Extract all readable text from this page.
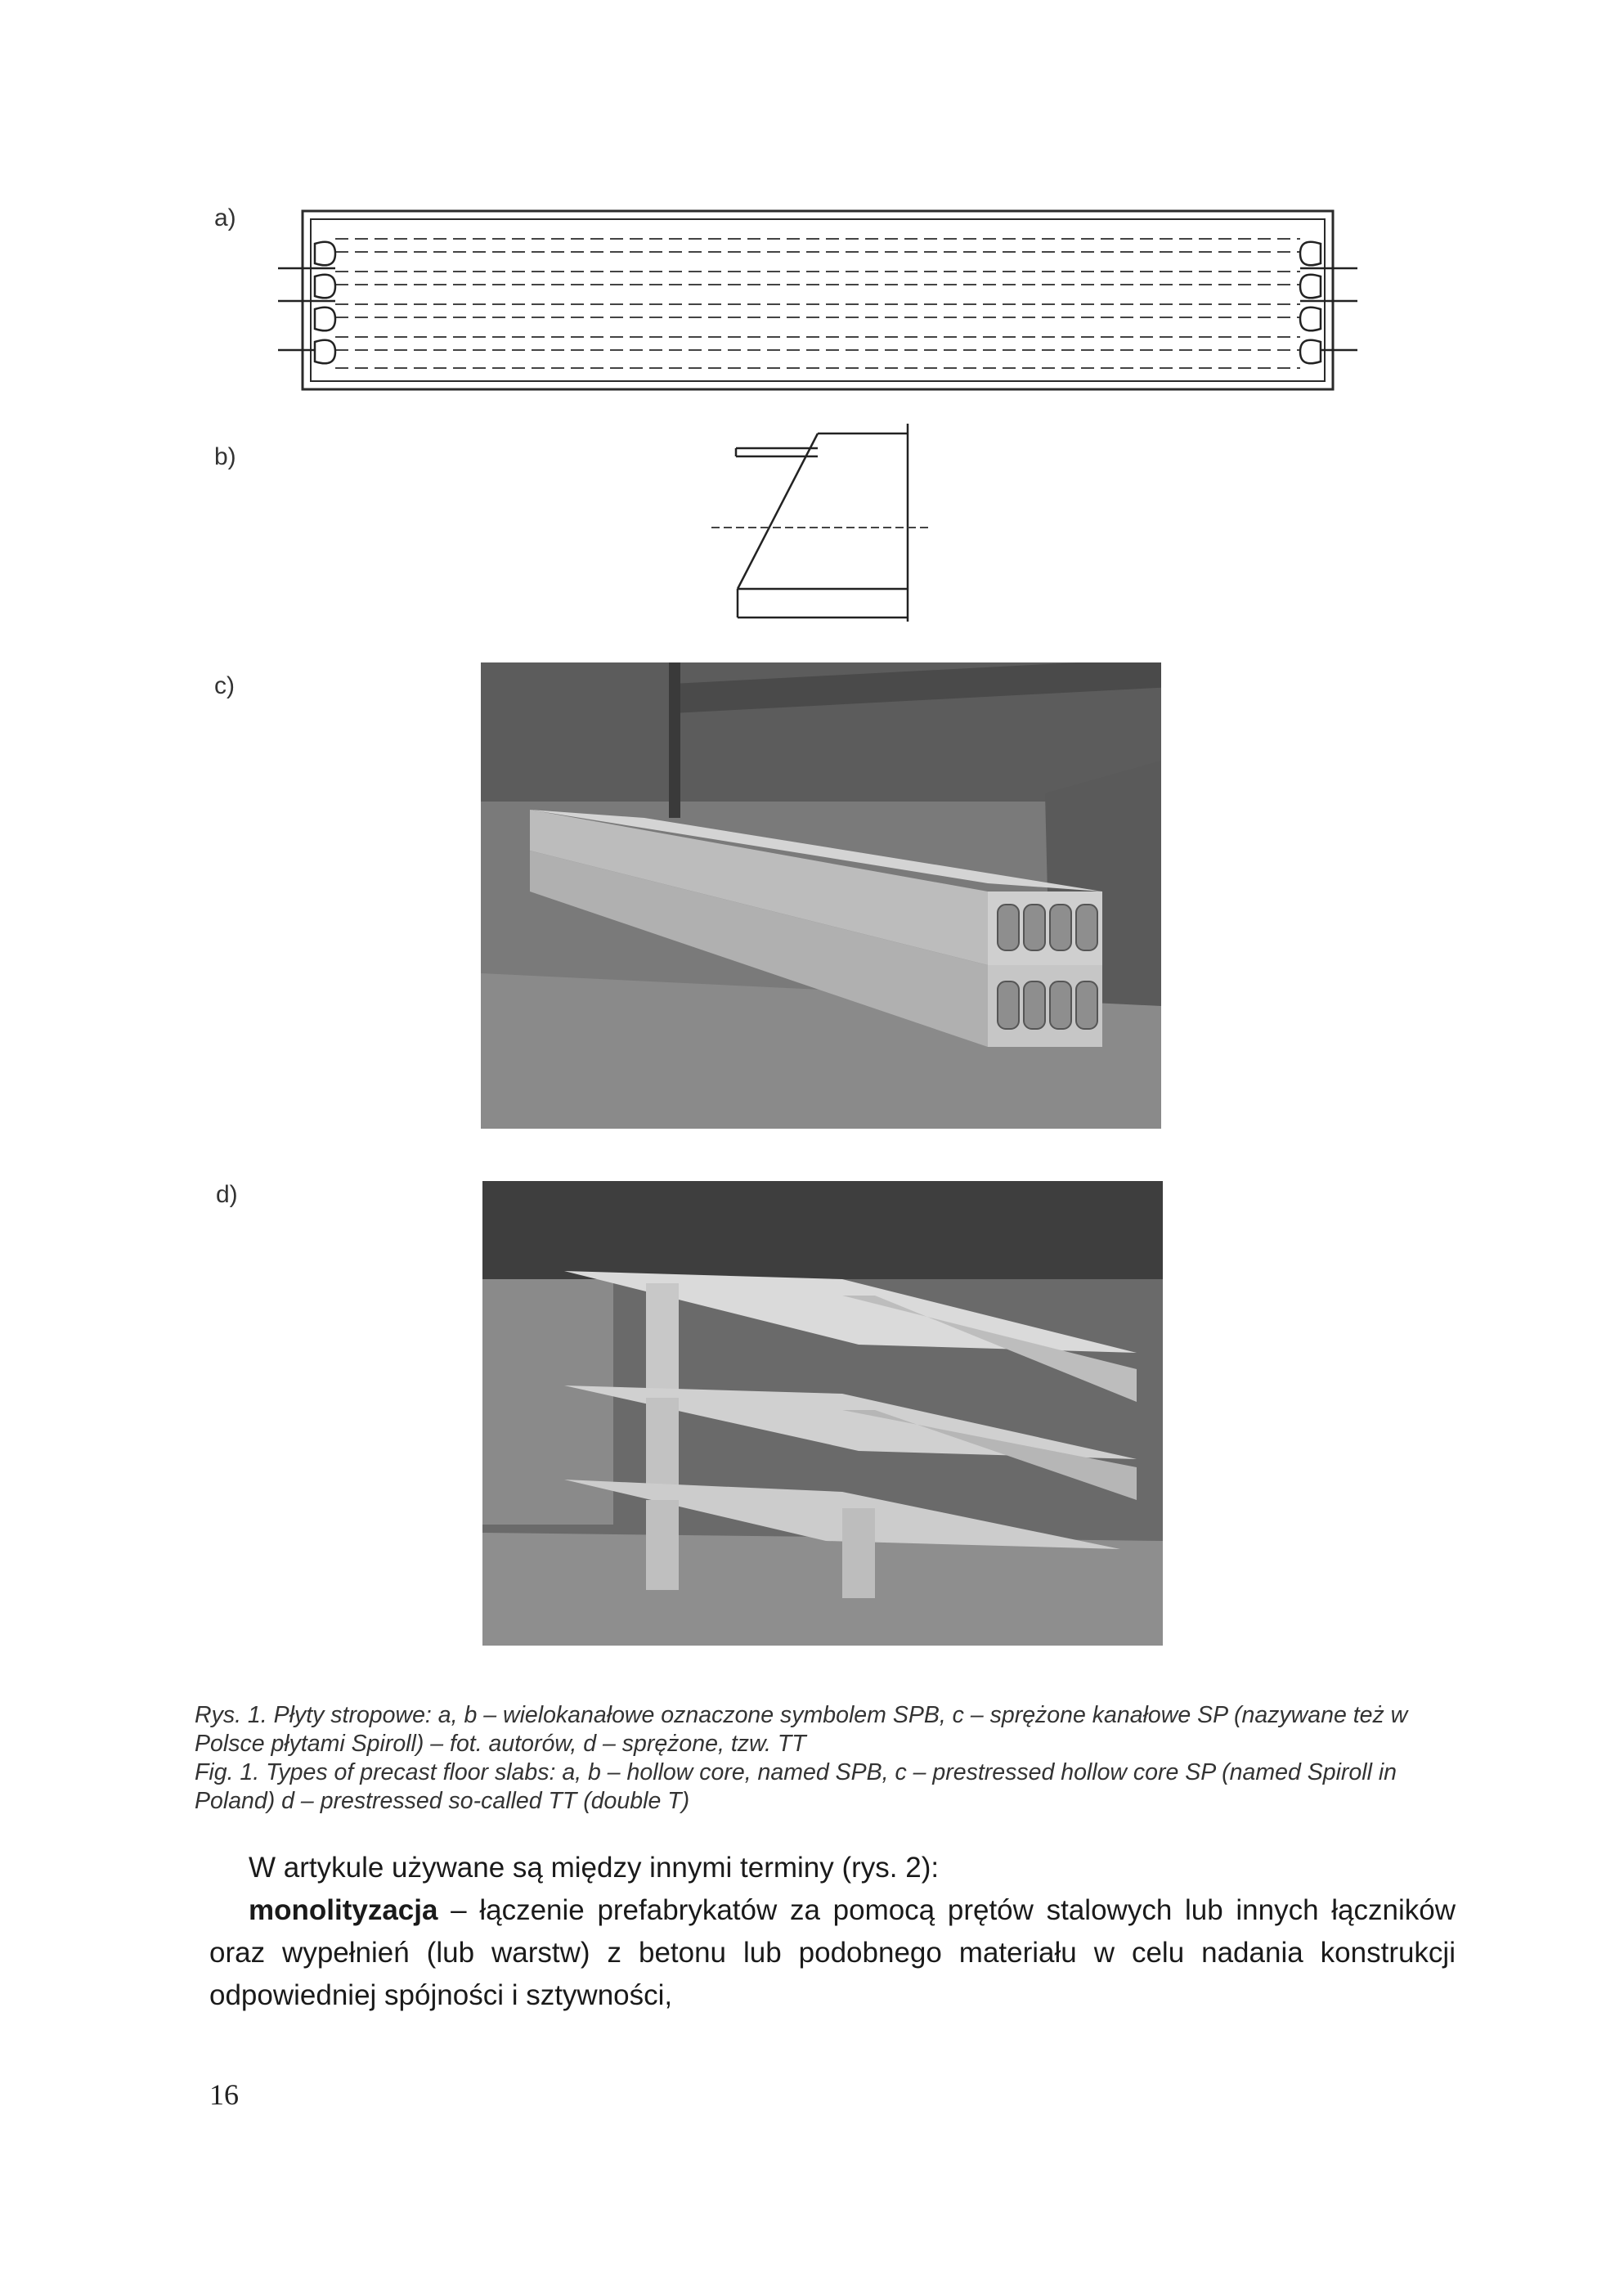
a)
b)
c)
d)

Rys. 1. Płyty stropowe: a, b – wielokanałowe oznaczone symbolem SPB, c – sprężone kanałowe SP (nazywane też w Polsce płytami Spiroll) – fot. autorów, d – sprężone, tzw. TT

Fig. 1. Types of precast floor slabs: a, b – hollow core, named SPB, c – prestressed hollow core SP (named Spiroll in Poland) d – prestressed so-called TT (double T)

W artykule używane są między innymi terminy (rys. 2):

monolityzacja – łączenie prefabrykatów za pomocą prętów stalowych lub innych łączników oraz wypełnień (lub warstw) z betonu lub podobnego materiału w celu nadania konstrukcji odpowiedniej spójności i sztywności,

16
